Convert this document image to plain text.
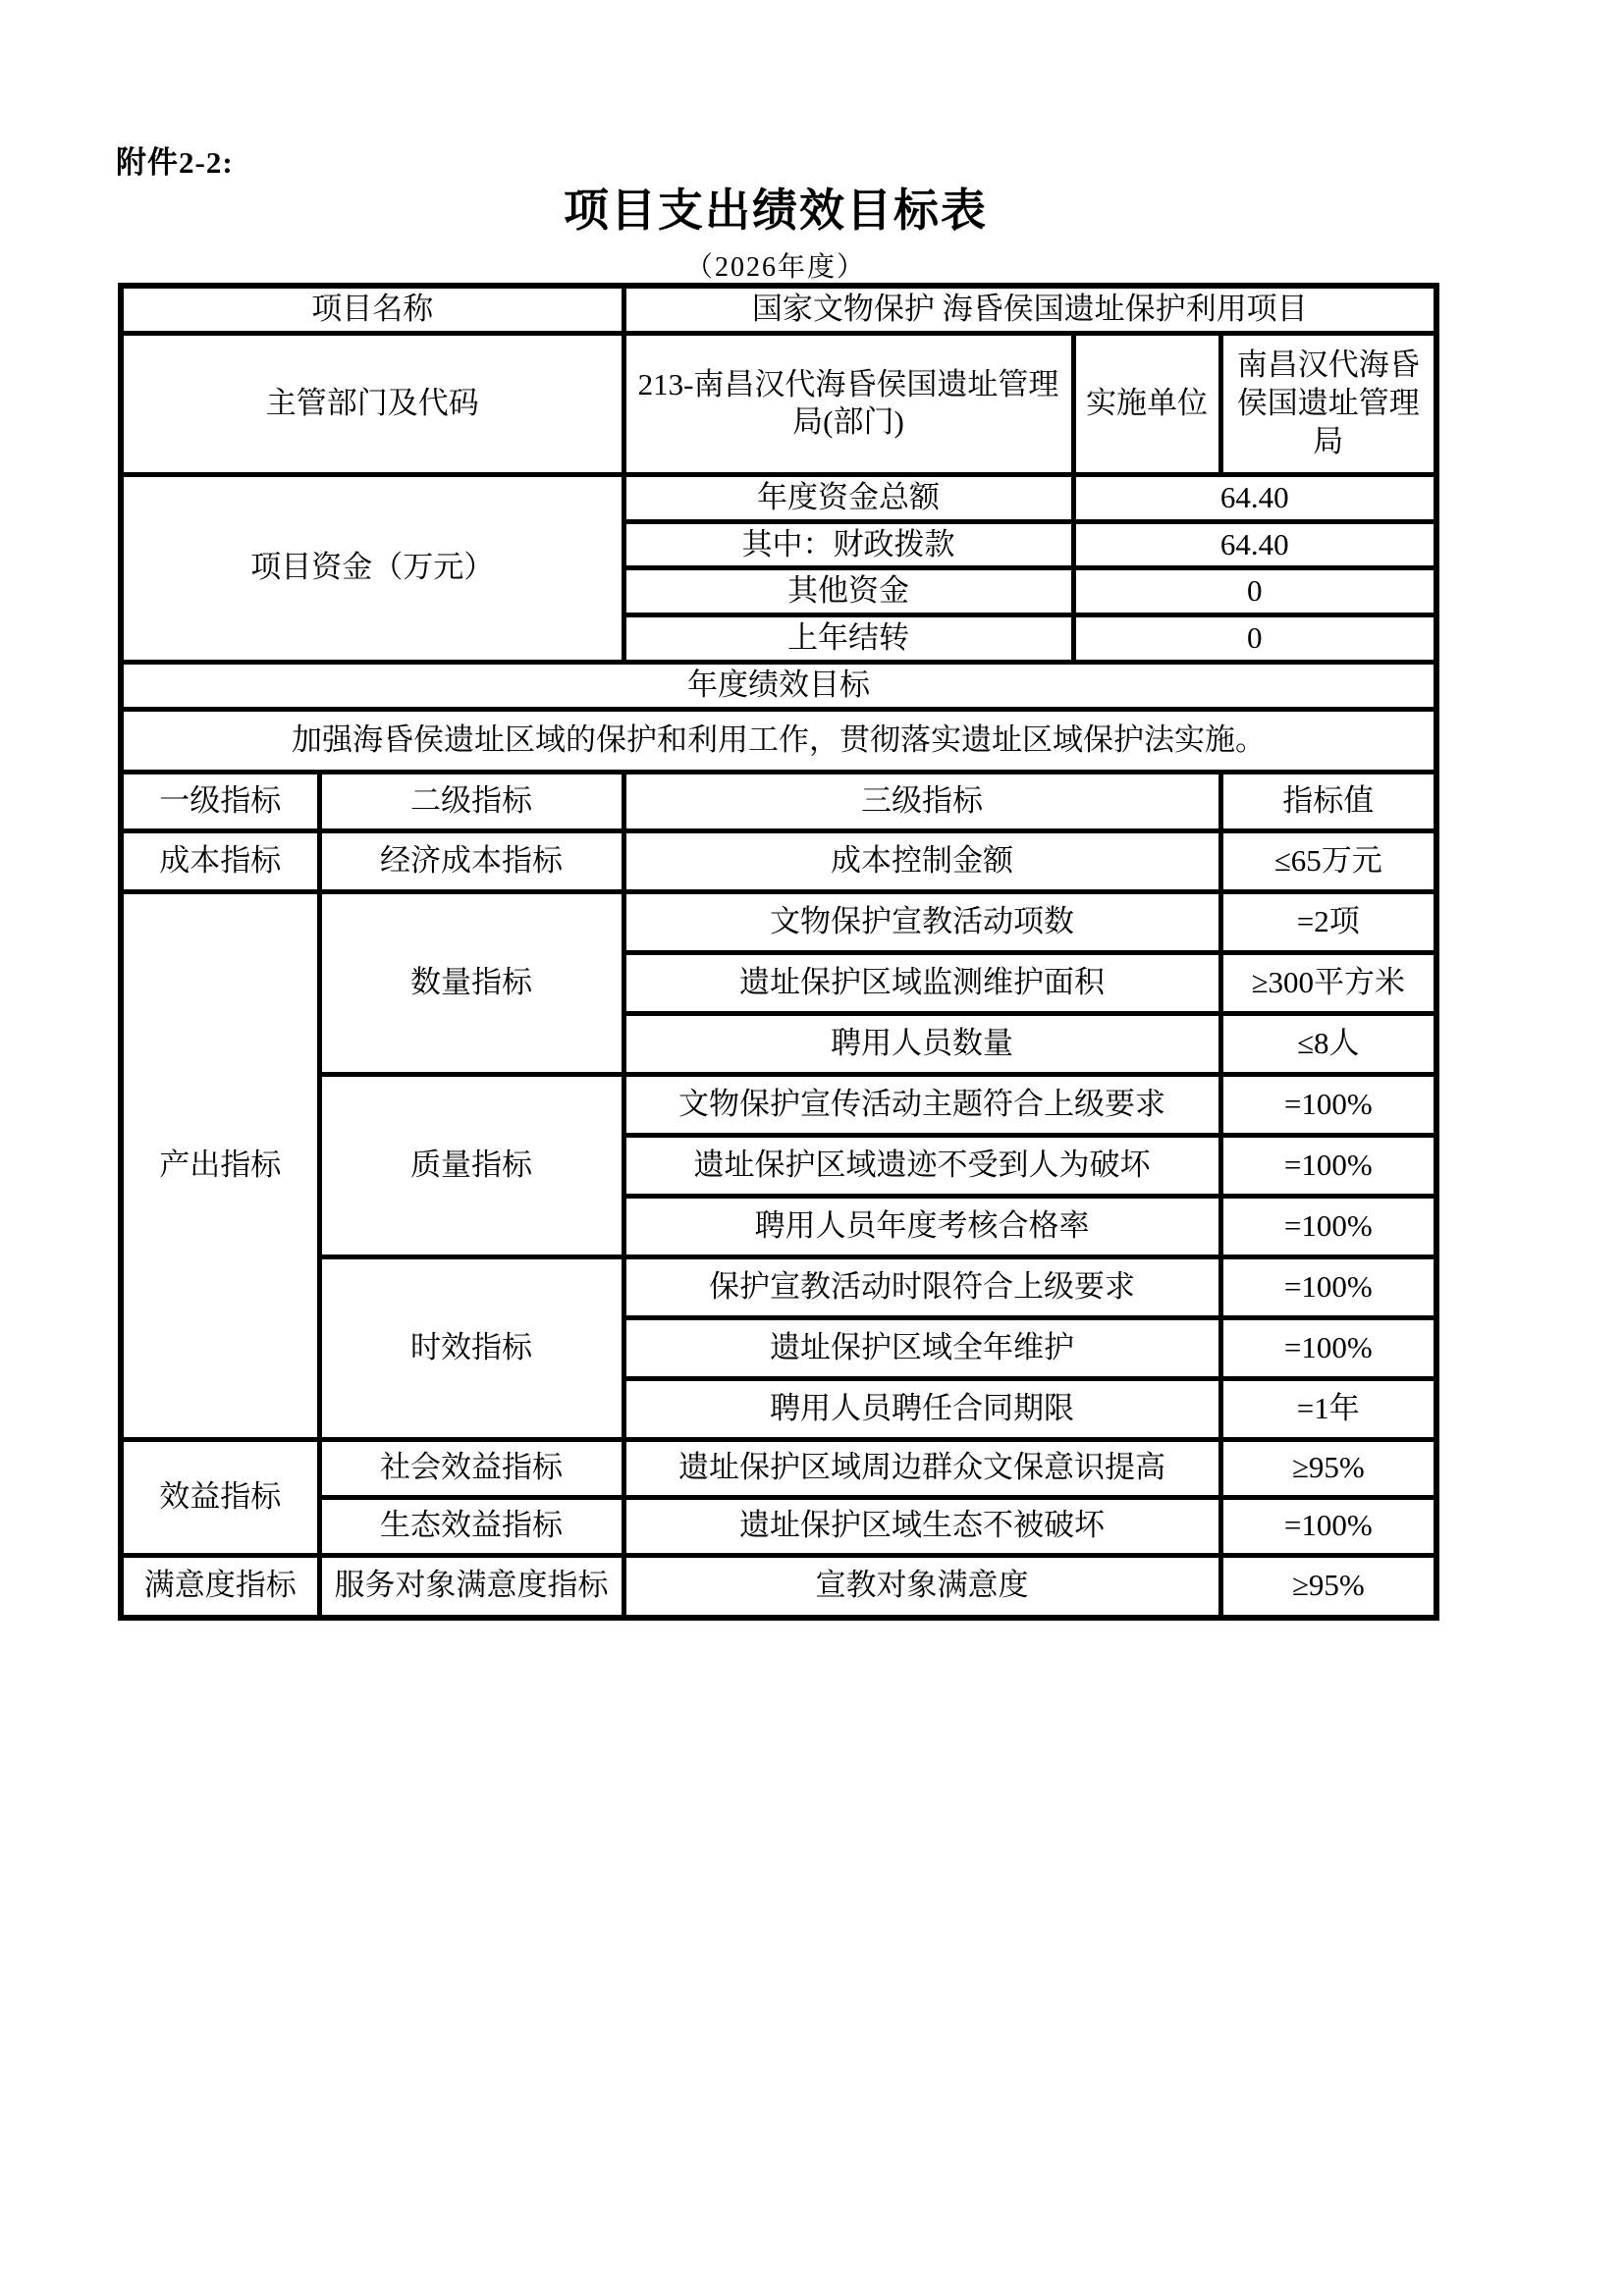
附件2-2:
项目支出绩效目标表
（2026年度）
项目名称		国家文物保护 海昏侯国遗址保护利用项目		
主管部门及代码		213-南昌汉代海昏侯国遗址管理局(部门)	实施单位	南昌汉代海昏侯国遗址管理局
项目资金（万元）		年度资金总额	64.40	
		其中：财政拨款	64.40	
		其他资金	0	
		上年结转	0	
年度绩效目标				
加强海昏侯遗址区域的保护和利用工作，贯彻落实遗址区域保护法实施。				
一级指标	二级指标	三级指标		指标值
成本指标	经济成本指标	成本控制金额		≤65万元
产出指标	数量指标	文物保护宣教活动项数		=2项
		遗址保护区域监测维护面积		≥300平方米
		聘用人员数量		≤8人
	质量指标	文物保护宣传活动主题符合上级要求		=100%
		遗址保护区域遗迹不受到人为破坏		=100%
		聘用人员年度考核合格率		=100%
	时效指标	保护宣教活动时限符合上级要求		=100%
		遗址保护区域全年维护		=100%
		聘用人员聘任合同期限		=1年
效益指标	社会效益指标	遗址保护区域周边群众文保意识提高		≥95%
	生态效益指标	遗址保护区域生态不被破坏		=100%
满意度指标	服务对象满意度指标	宣教对象满意度		≥95%
